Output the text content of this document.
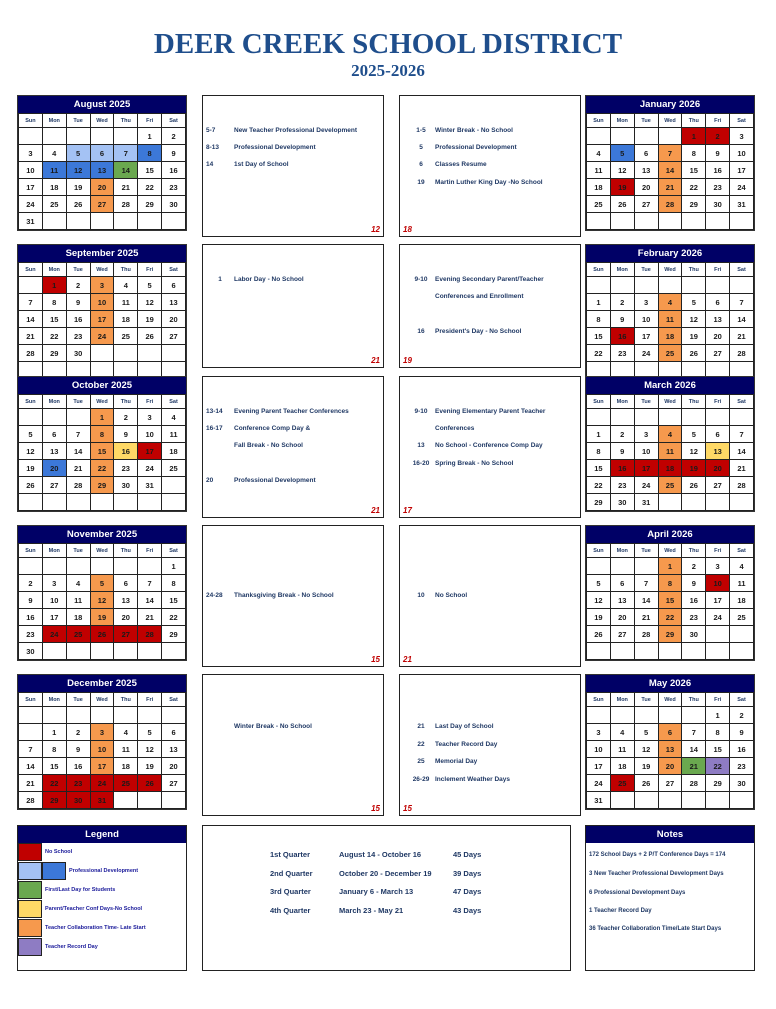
DEER CREEK SCHOOL DISTRICT
2025-2026
August 2025
Sun	Mon	Tue	Wed	Thu	Fri	Sat
					1	2
3	4	5	6	7	8	9
10	11	12	13	14	15	16
17	18	19	20	21	22	23
24	25	26	27	28	29	30
31						
September 2025
Sun	Mon	Tue	Wed	Thu	Fri	Sat
	1	2	3	4	5	6
7	8	9	10	11	12	13
14	15	16	17	18	19	20
21	22	23	24	25	26	27
28	29	30				

October 2025
Sun	Mon	Tue	Wed	Thu	Fri	Sat
			1	2	3	4
5	6	7	8	9	10	11
12	13	14	15	16	17	18
19	20	21	22	23	24	25
26	27	28	29	30	31	

November 2025
Sun	Mon	Tue	Wed	Thu	Fri	Sat
						1
2	3	4	5	6	7	8
9	10	11	12	13	14	15
16	17	18	19	20	21	22
23	24	25	26	27	28	29
30						
December 2025
Sun	Mon	Tue	Wed	Thu	Fri	Sat

	1	2	3	4	5	6
7	8	9	10	11	12	13
14	15	16	17	18	19	20
21	22	23	24	25	26	27
28	29	30	31			
January 2026
Sun	Mon	Tue	Wed	Thu	Fri	Sat
				1	2	3
4	5	6	7	8	9	10
11	12	13	14	15	16	17
18	19	20	21	22	23	24
25	26	27	28	29	30	31

February 2026
Sun	Mon	Tue	Wed	Thu	Fri	Sat

1	2	3	4	5	6	7
8	9	10	11	12	13	14
15	16	17	18	19	20	21
22	23	24	25	26	27	28

March 2026
Sun	Mon	Tue	Wed	Thu	Fri	Sat

1	2	3	4	5	6	7
8	9	10	11	12	13	14
15	16	17	18	19	20	21
22	23	24	25	26	27	28
29	30	31				
April 2026
Sun	Mon	Tue	Wed	Thu	Fri	Sat
			1	2	3	4
5	6	7	8	9	10	11
12	13	14	15	16	17	18
19	20	21	22	23	24	25
26	27	28	29	30		

May 2026
Sun	Mon	Tue	Wed	Thu	Fri	Sat
					1	2
3	4	5	6	7	8	9
10	11	12	13	14	15	16
17	18	19	20	21	22	23
24	25	26	27	28	29	30
31						
5-7	New Teacher Professional Development
8-13 Professional Development
14	1st Day of School
12
1-5 Winter Break - No School
5 Professional Development
6 Classes Resume
19 Martin Luther King Day -No School
18
1 Labor Day - No School
21
9-10 Evening Secondary Parent/Teacher
Conferences and Enrollment
16 President's Day - No School
19
13-14 Evening Parent Teacher Conferences
16-17 Conference Comp Day &
Fall Break - No School
20	Professional Development
21
9-10 Evening Elementary Parent Teacher
Conferences
13 No School - Conference Comp Day
16-20 Spring Break - No School
17
24-28 Thanksgiving Break - No School
15
10 No School
21
Winter Break - No School
15
21 Last Day of School
22 Teacher Record Day
25 Memorial Day
26-29 Inclement Weather Days
15
Legend
No School
Professional Development
First/Last Day for Students
Parent/Teacher Conf Days-No School
Teacher Collaboration Time- Late Start
Teacher Record Day
1st Quarter	August 14 - October 16	45 Days
2nd Quarter	October 20 - December 19	39 Days
3rd Quarter	January 6 - March 13	47 Days
4th Quarter	March 23 - May 21	43 Days
Notes
172 School Days + 2 P/T Conference Days = 174
3 New Teacher Professional Development Days
6 Professional Development Days
1 Teacher Record Day
36 Teacher Collaboration Time/Late Start Days
